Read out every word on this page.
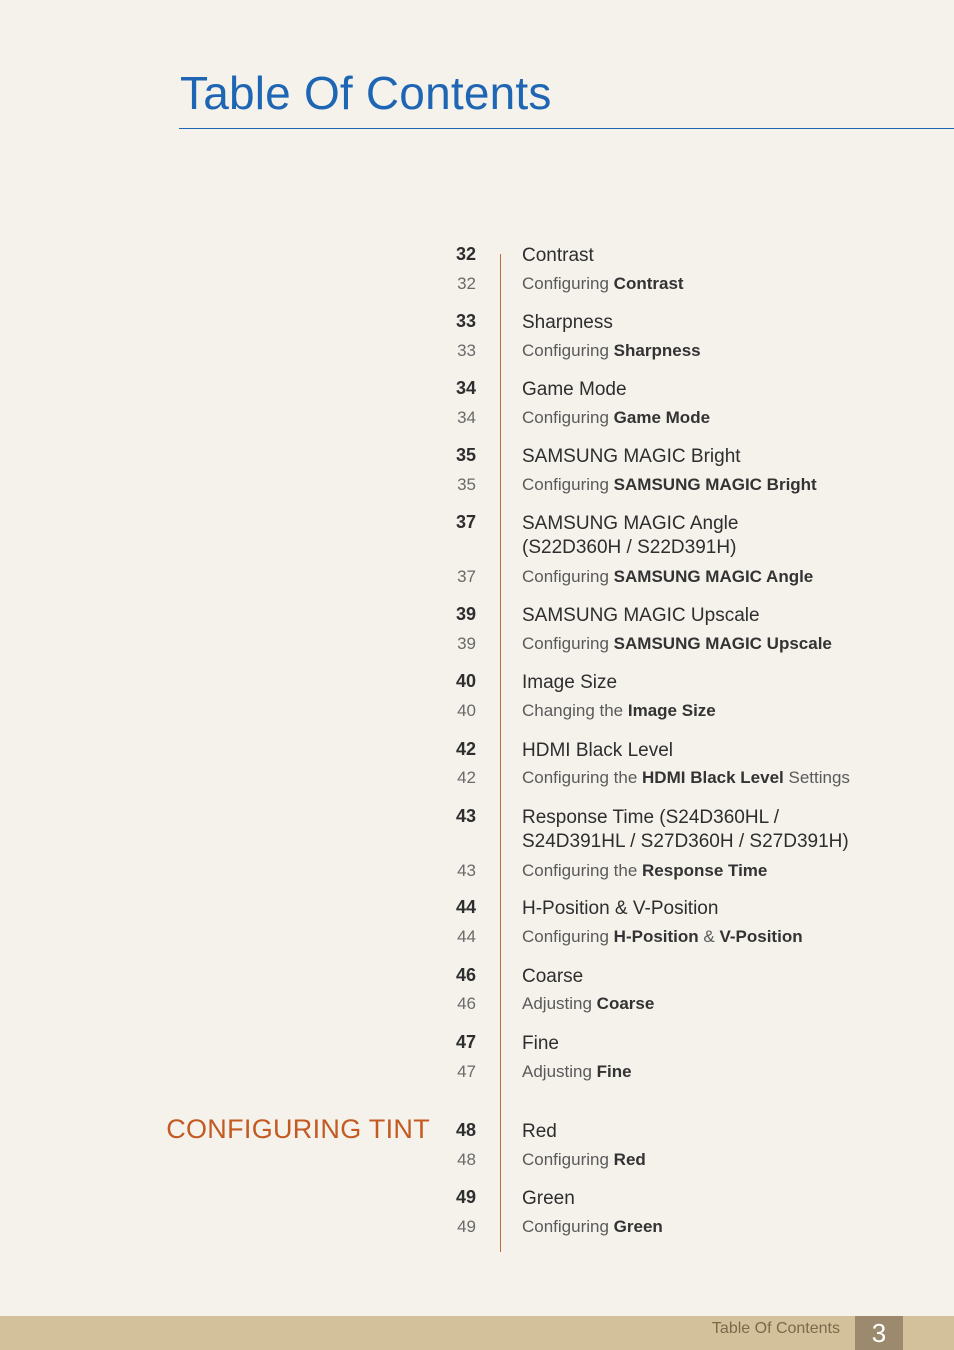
Table Of Contents
CONFIGURING TINT
32 Contrast
32	Configuring Contrast
33 Sharpness
33	Configuring Sharpness
34 Game Mode
34	Configuring Game Mode
35 SAMSUNG MAGIC Bright
35	Configuring SAMSUNG MAGIC Bright
37 SAMSUNG MAGIC Angle
(S22D360H / S22D391H)
37	Configuring SAMSUNG MAGIC Angle
39 SAMSUNG MAGIC Upscale
39	Configuring SAMSUNG MAGIC Upscale
40 Image Size
40	Changing the Image Size
42 HDMI Black Level
42	Configuring the HDMI Black Level Settings
43 Response Time (S24D360HL /
S24D391HL / S27D360H / S27D391H)
43	Configuring the Response Time
44 H-Position & V-Position
44	Configuring H-Position & V-Position
46 Coarse
46	Adjusting Coarse
47 Fine
47	Adjusting Fine
48 Red
48	Configuring Red
49 Green
49	Configuring Green
Table Of Contents	3
